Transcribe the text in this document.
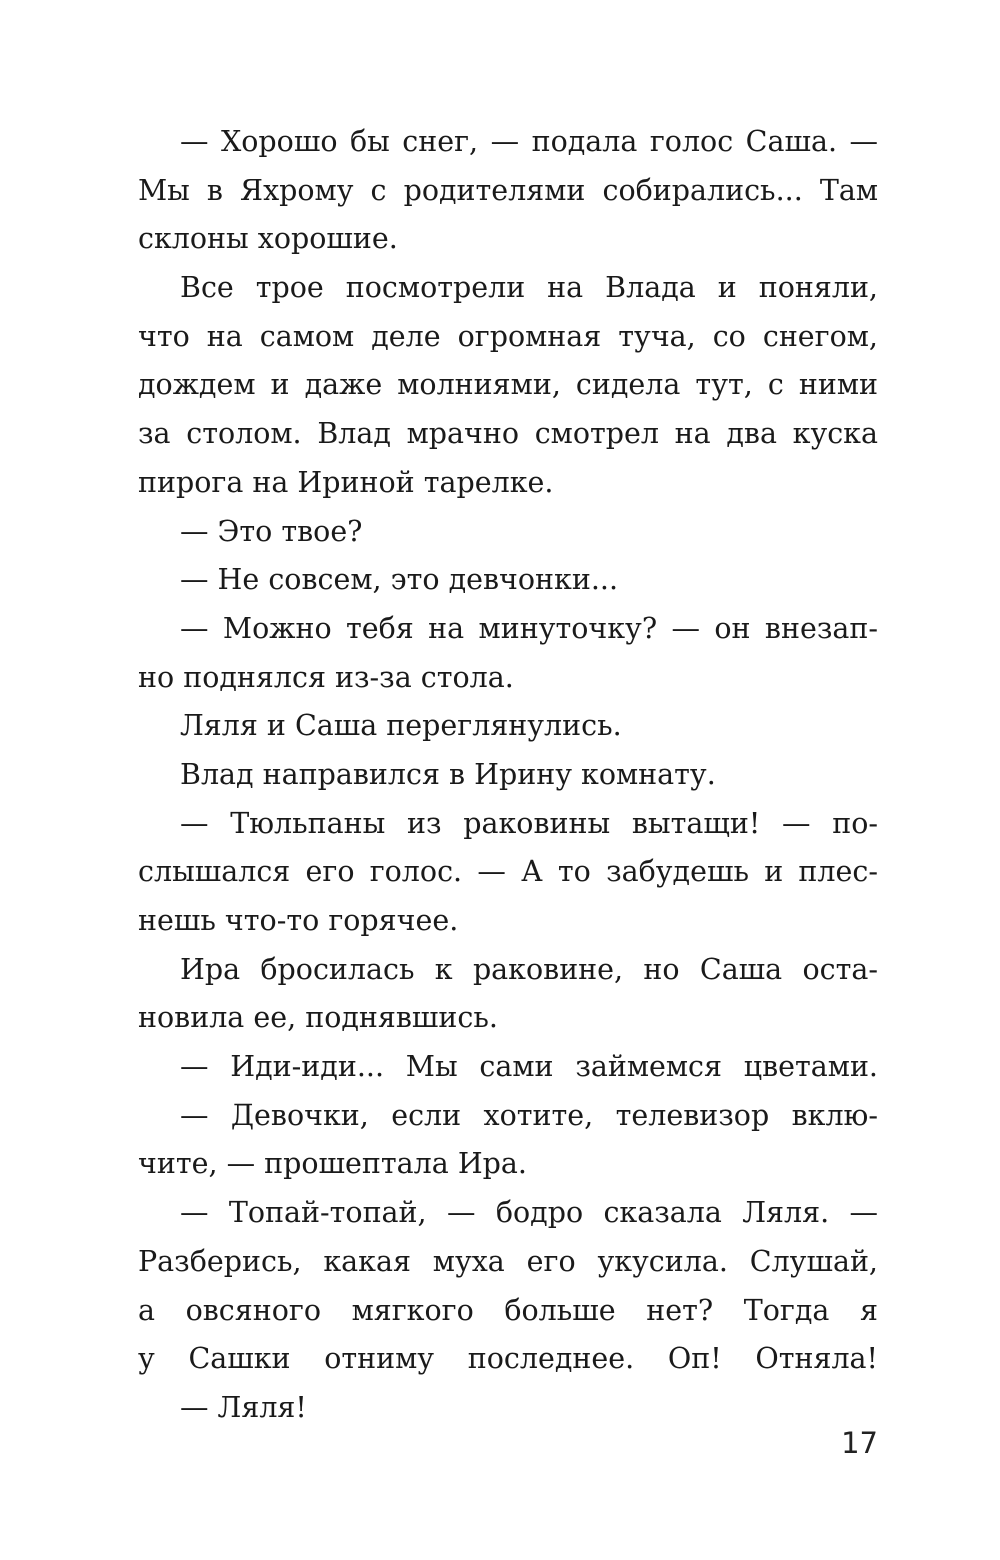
— Хорошо бы снег, — подала голос Саша. —
Мы в Яхрому с родителями собирались... Там
склоны хорошие.
Все трое посмотрели на Влада и поняли,
что на самом деле огромная туча, со снегом,
дождем и даже молниями, сидела тут, с ними
за столом. Влад мрачно смотрел на два куска
пирога на Ириной тарелке.
— Это твое?
— Не совсем, это девчонки...
— Можно тебя на минуточку? — он внезап-
но поднялся из-за стола.
Ляля и Саша переглянулись.
Влад направился в Ирину комнату.
— Тюльпаны из раковины вытащи! — по-
слышался его голос. — А то забудешь и плес-
нешь что-то горячее.
Ира бросилась к раковине, но Саша оста-
новила ее, поднявшись.
— Иди-иди... Мы сами займемся цветами.
— Девочки, если хотите, телевизор вклю-
чите, — прошептала Ира.
— Топай-топай, — бодро сказала Ляля. —
Разберись, какая муха его укусила. Слушай,
а овсяного мягкого больше нет? Тогда я
у Сашки отниму последнее. Оп! Отняла!
— Ляля!
17
